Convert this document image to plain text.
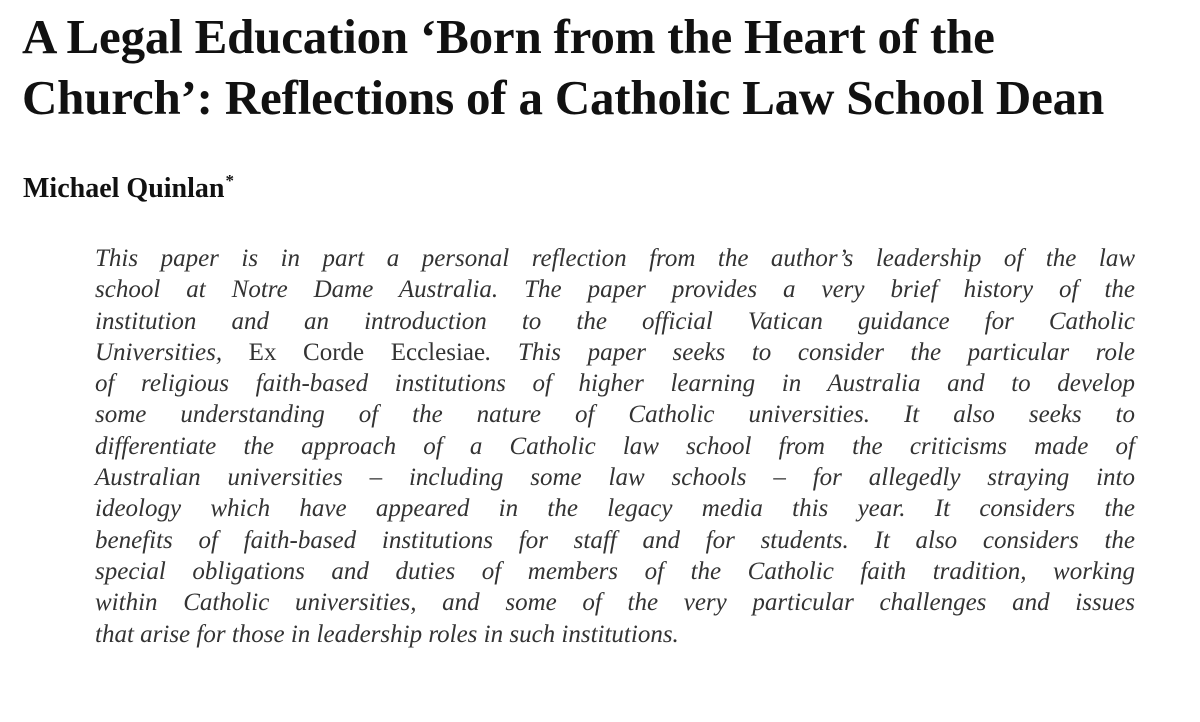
A Legal Education ‘Born from the Heart of the
Church’: Reflections of a Catholic Law School Dean

Michael Quinlan*

This paper is in part a personal reflection from the author’s leadership of the law
school at Notre Dame Australia. The paper provides a very brief history of the
institution and an introduction to the official Vatican guidance for Catholic
Universities, Ex Corde Ecclesiae. This paper seeks to consider the particular role
of religious faith-based institutions of higher learning in Australia and to develop
some understanding of the nature of Catholic universities. It also seeks to
differentiate the approach of a Catholic law school from the criticisms made of
Australian universities – including some law schools – for allegedly straying into
ideology which have appeared in the legacy media this year. It considers the
benefits of faith-based institutions for staff and for students. It also considers the
special obligations and duties of members of the Catholic faith tradition, working
within Catholic universities, and some of the very particular challenges and issues
that arise for those in leadership roles in such institutions.
